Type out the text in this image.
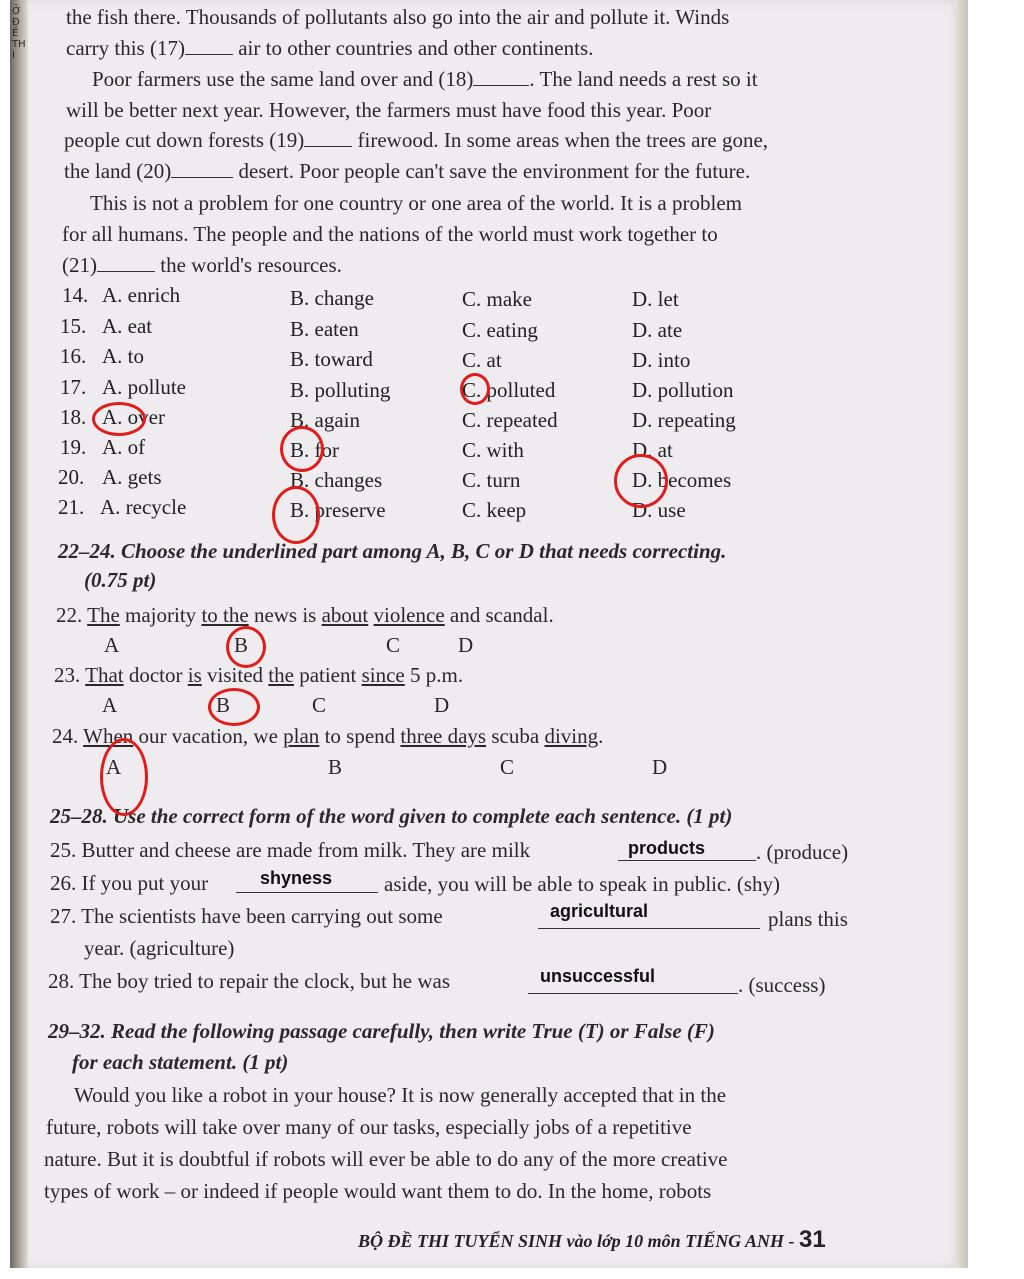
Ở ĐỀ THI
the fish there. Thousands of pollutants also go into the air and pollute it. Winds
carry this (17) air to other countries and other continents.
Poor farmers use the same land over and (18)	. The land needs a rest so it
will be better next year. However, the farmers must have food this year. Poor
people cut down forests (19) firewood. In some areas when the trees are gone,
the land (20)	desert. Poor people can't save the environment for the future.
This is not a problem for one country or one area of the world. It is a problem
for all humans. The people and the nations of the world must work together to
(21)	the world's resources.
14. A. enrich	B. change	C. make	D. let
15. A. eat	B. eaten	C. eating	D. ate
16. A. to	B. toward	C. at	D. into
17. A. pollute	B. polluting	C. polluted	D. pollution
18. A. over	B. again	C. repeated	D. repeating
19. A. of	B. for	C. with	D. at
20. A. gets	B. changes	C. turn	D. becomes
21. A. recycle	B. preserve	C. keep	D. use
22–24. Choose the underlined part among A, B, C or D that needs correcting.
(0.75 pt)
22. The majority to the news is about violence and scandal.
A	B	C	D
23. That doctor is visited the patient since 5 p.m.
A	B	C	D
24. When our vacation, we plan to spend three days scuba diving.
A	B	C	D
25–28. Use the correct form of the word given to complete each sentence. (1 pt)
25. Butter and cheese are made from milk. They are milk	products . (produce)
26. If you put your	shyness aside, you will be able to speak in public. (shy)
27. The scientists have been carrying out some	agricultural	plans this
year. (agriculture)
28. The boy tried to repair the clock, but he was	unsuccessful	. (success)
29–32. Read the following passage carefully, then write True (T) or False (F)
for each statement. (1 pt)
Would you like a robot in your house? It is now generally accepted that in the
future, robots will take over many of our tasks, especially jobs of a repetitive
nature. But it is doubtful if robots will ever be able to do any of the more creative
types of work – or indeed if people would want them to do. In the home, robots
BỘ ĐỀ THI TUYỂN SINH vào lớp 10 môn TIẾNG ANH - 31
